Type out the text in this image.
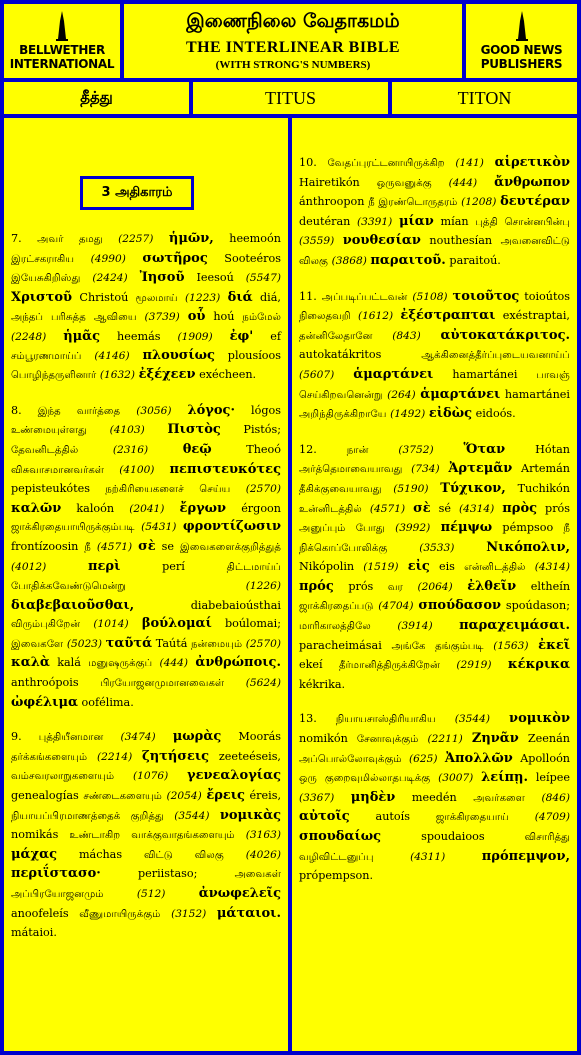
BELLWETHER
INTERNATIONAL
இணைநிலை வேதாகமம்
THE INTERLINEAR BIBLE
(WITH STRONG'S NUMBERS)
GOOD NEWS
PUBLISHERS
தீத்து	TITUS	TITON

7. அவர் தமது (2257) ἡμῶν, heemoón இரட்சகராகிய (4990) σωτῆρος Sooteéros இயேசுகிறிஸ்து (2424) Ἰησοῦ Ieesoú (5547) Χριστοῦ Christoú மூலமாய் (1223) διά diá, அந்தப் பரிசுத்த ஆவியை (3739) οὗ hoú நம்மேல் (2248) ἡμᾶς heemás (1909) ἐφ' ef சம்பூரணமாய்ப் (4146) πλουσίως plousíoos பொழிந்தருளினார் (1632) ἐξέχεεν exécheen.

8. இந்த வார்த்தை (3056) λόγος· lógos உண்மையுள்ளது (4103) Πιστὸς Pistós; தேவனிடத்தில்	(2316)	θεῷ	Theoó விசுவாசமானவர்கள் (4100) πεπιστευκότες pepisteukótes நற்கிரியைகளைச் செய்ய (2570) καλῶν kaloón (2041) ἔργων érgoon ஜாக்கிரதையாயிருக்கும்படி (5431) φροντίζωσιν frontízoosin நீ (4571) σὲ se இவைகளைக்குறித்துத் (4012)	περὶ	perí	திட்டமாய்ப் போதிக்கவேண்டுமென்று	(1226) διαβεβαιοῦσθαι,	diabebaioústhai விரும்புகிறேன் (1014) βούλομαί boúlomai; இவைகளே (5023) ταῦτά Taútá நன்மையும் (2570) καλὰ kalá மனுஷருக்குப் (444) ἀνθρώποις. anthroópois பிரயோஜனமுமானவைகள் (5624) ὠφέλιμα oofélima.

9. புத்தியீனமான (3474) μωρὰς Moorás தர்க்கங்களையும் (2214) ζητήσεις zeeteéseis, வம்சவரலாறுகளையும் (1076) γενεαλογίας genealogías சண்டைகளையும் (2054) ἔρεις éreis, நியாயப்பிரமாணத்தைக் குறித்து (3544) νομικὰς nomikás உண்டாகிற வாக்குவாதங்களையும் (3163) μάχας máchas விட்டு விலகு (4026) περιΐστασο·	periistaso;	அவைகள் அப்பிரயோஜனமும்	(512)	ἀνωφελεῖς anoofeleís வீணுமாயிருக்கும் (3152) μάταιοι. mátaioi.

3 அதிகாரம்

10. வேதப்புரட்டனாயிருக்கிற (141) αἱρετικὸν Hairetikón ஒருவனுக்கு (444) ἄνθρωπον ánthroopon நீ இரண்டொருதரம் (1208) δευτέραν deutéran (3391) μίαν mían புத்தி சொன்னபின்பு (3559) νουθεσίαν nouthesían அவனைவிட்டு விலகு (3868) παραιτοῦ. paraitoú.

11. அப்படிப்பட்டவன் (5108) τοιοῦτος toioútos நிலைதவறி (1612) ἐξέστραπται exéstraptai, தன்னிலேதானே (843) αὐτοκατάκριτος. autokatákritos	ஆக்கினைத்தீர்ப்புடையவனாய்ப் (5607) ἁμαρτάνει hamartánei பாவஞ் செய்கிறவனென்று (264) ἁμαρτάνει hamartánei அறிந்திருக்கிறாயே (1492) εἰδὼς eidoós.

12.	நான்	(3752) Ὅταν	Hótan அர்த்தெமாவையாவது (734) Ἀρτεμᾶν Artemán தீகிக்குவையாவது (5190) Τύχικον, Tuchikón உன்னிடத்தில் (4571) σὲ sé (4314) πρὸς prós அனுப்பும் போது (3992) πέμψω pémpsoo நீ நிக்கொப்போலிக்கு	(3533) Νικόπολιν, Nikópolin (1519) εἰς eis என்னிடத்தில் (4314) πρός prós வர (2064) ἐλθεῖν eltheín ஜாக்கிரதைப்படு (4704) σπούδασον spoúdason; மாரிகாலத்திலே	(3914) παραχειμάσαι. paracheimásai அங்கே தங்கும்படி (1563) ἐκεῖ ekeí தீர்மானித்திருக்கிறேன் (2919) κέκρικα kékrika.

13. நியாயசாஸ்திரியாகிய (3544) νομικὸν nomikón சேனாவுக்கும் (2211) Ζηνᾶν Zeenán அப்பொல்லோவுக்கும் (625) Ἀπολλῶν Apolloón ஒரு குறைவுமில்லாதபடிக்கு (3007) λείπῃ. leípee (3367) μηδὲν meedén அவர்களை (846) αὐτοῖς autoís	ஜாக்கிரதையாய் (4709) σπουδαίως	spoudaioos	விசாரித்து வழிவிட்டனுப்பு	(4311)	πρόπεμψον, própempson.
